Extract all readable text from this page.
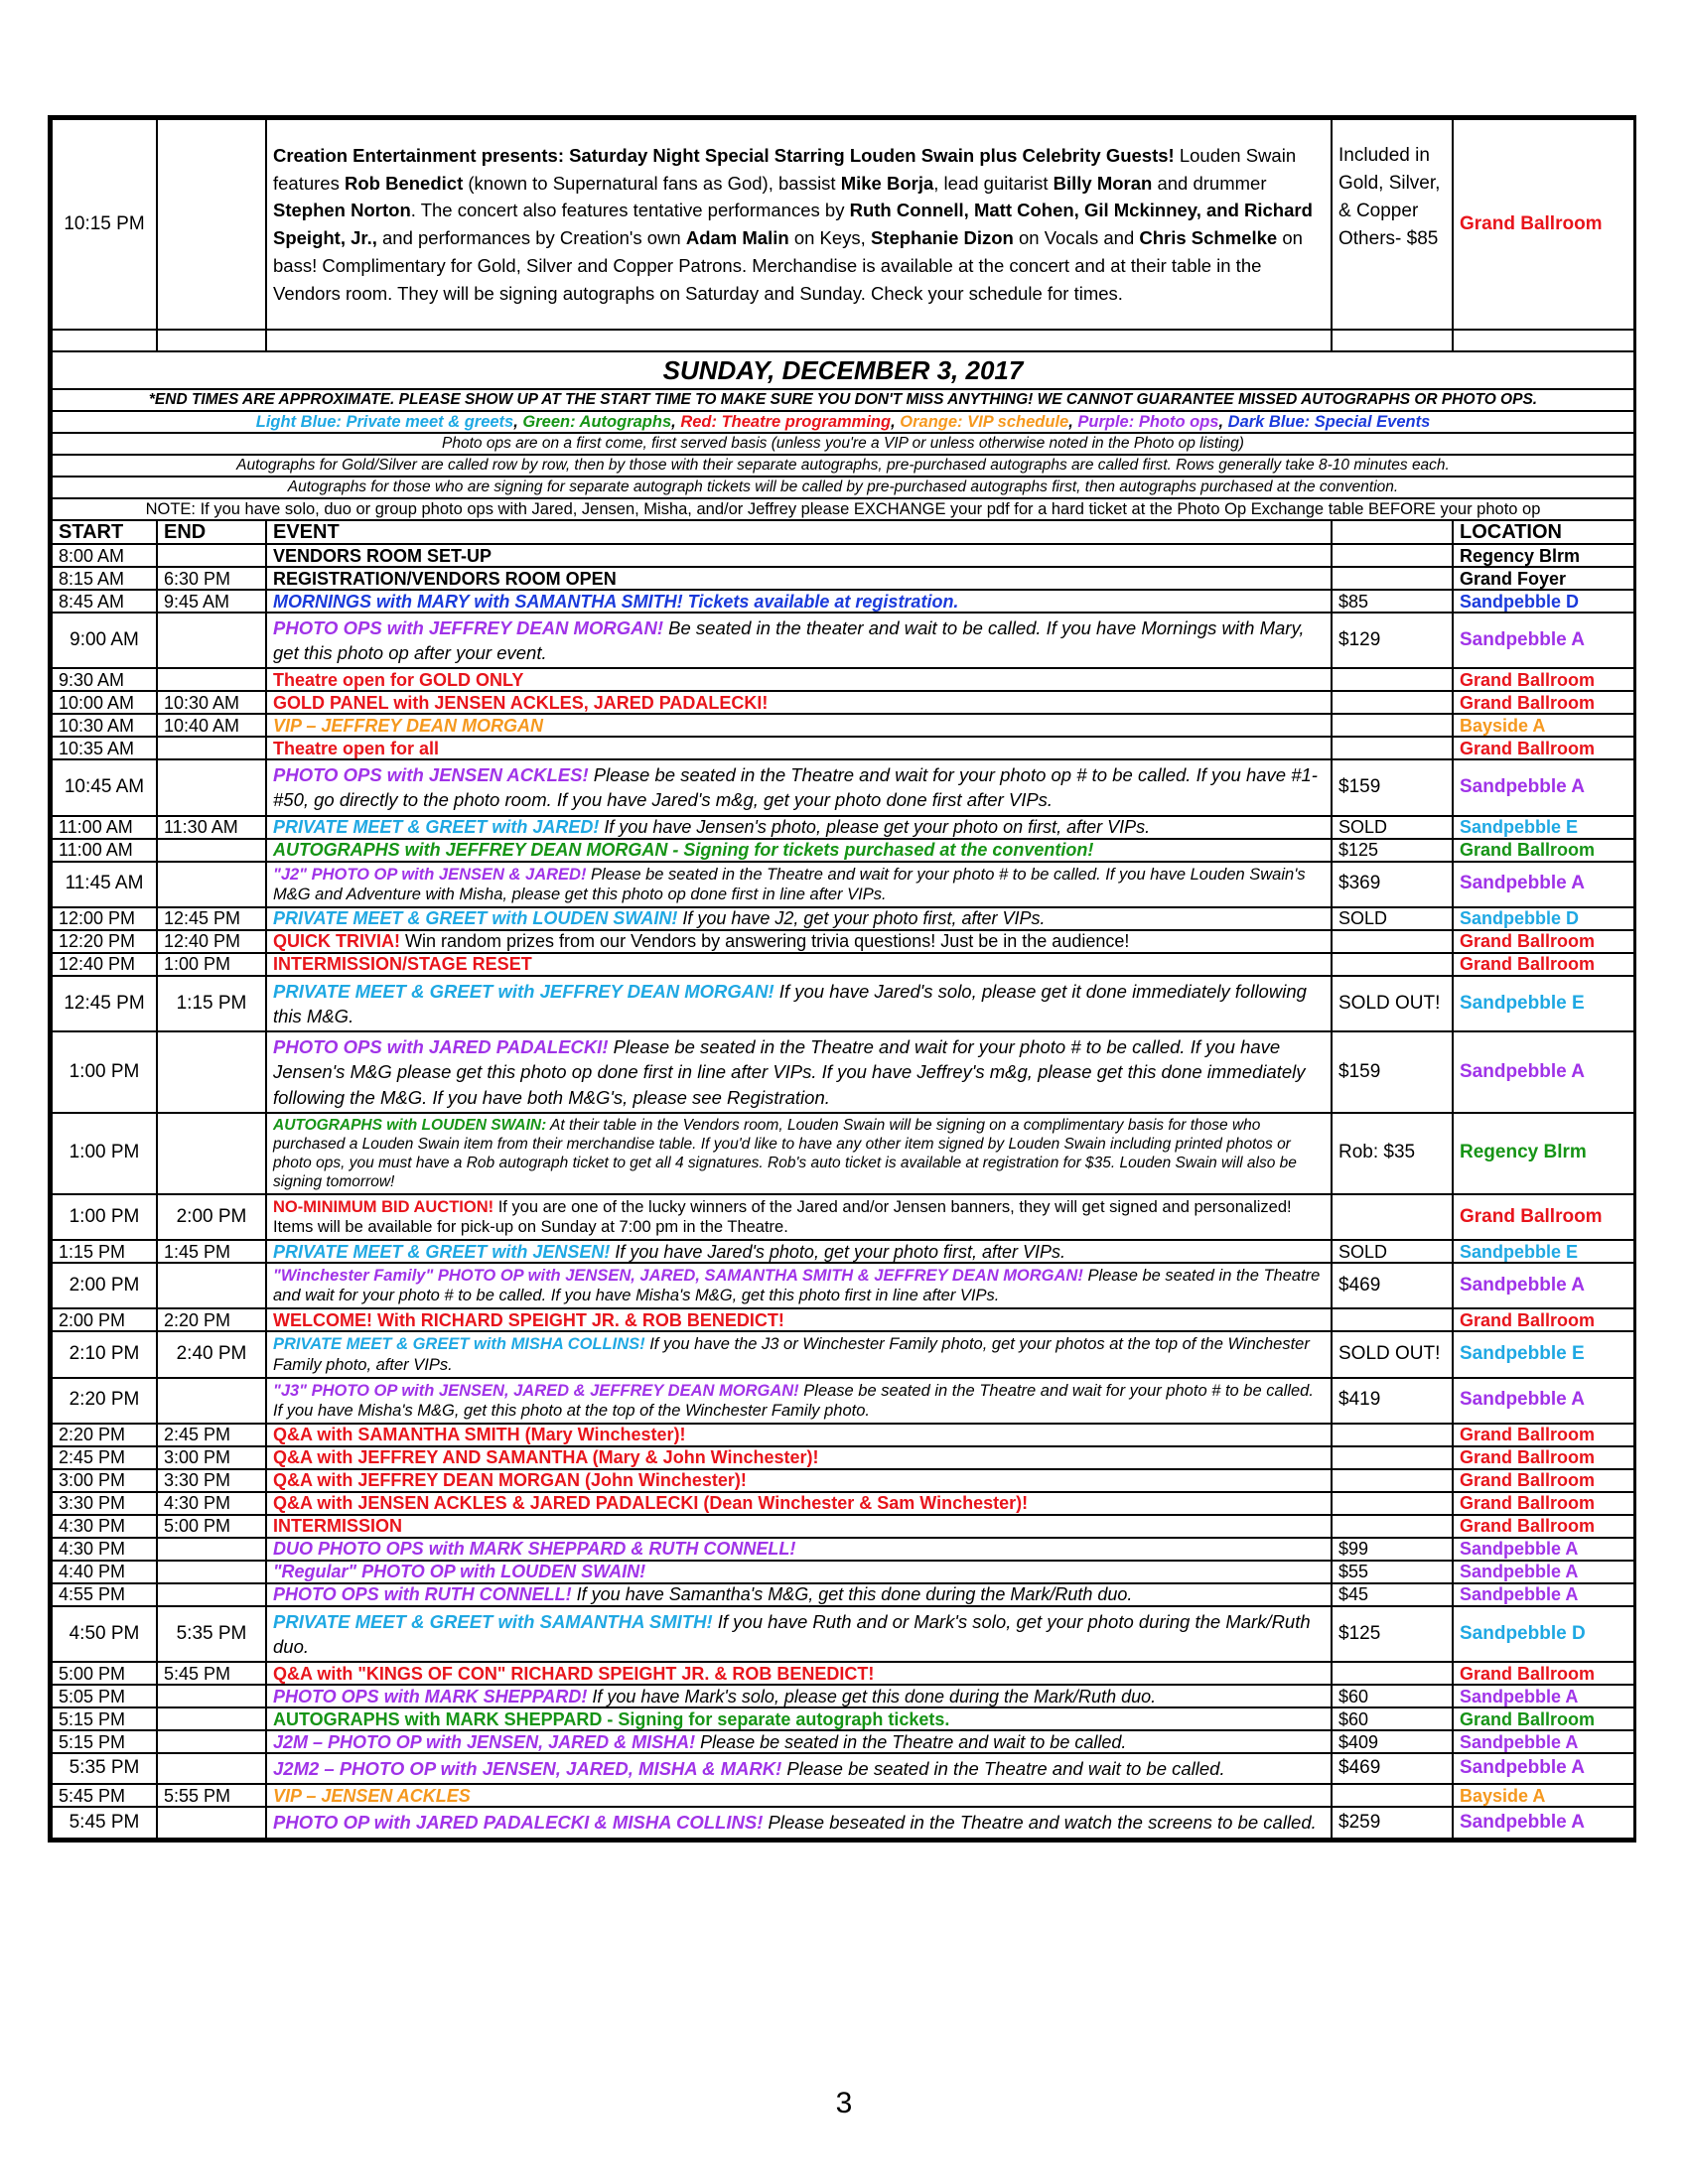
10:15 PM		Creation Entertainment presents: Saturday Night Special Starring Louden Swain plus Celebrity Guests! Louden Swain features Rob Benedict (known to Supernatural fans as God), bassist Mike Borja, lead guitarist Billy Moran and drummer Stephen Norton. The concert also features tentative performances by Ruth Connell, Matt Cohen, Gil Mckinney, and Richard Speight, Jr., and performances by Creation's own Adam Malin on Keys, Stephanie Dizon on Vocals and Chris Schmelke on bass! Complimentary for Gold, Silver and Copper Patrons. Merchandise is available at the concert and at their table in the Vendors room. They will be signing autographs on Saturday and Sunday. Check your schedule for times.	Included in Gold, Silver, & Copper Others- $85	Grand Ballroom

SUNDAY, DECEMBER 3, 2017				
*END TIMES ARE APPROXIMATE. PLEASE SHOW UP AT THE START TIME TO MAKE SURE YOU DON'T MISS ANYTHING! WE CANNOT GUARANTEE MISSED AUTOGRAPHS OR PHOTO OPS.				
Light Blue: Private meet & greets, Green: Autographs, Red: Theatre programming, Orange: VIP schedule, Purple: Photo ops, Dark Blue: Special Events				
Photo ops are on a first come, first served basis (unless you're a VIP or unless otherwise noted in the Photo op listing)				
Autographs for Gold/Silver are called row by row, then by those with their separate autographs, pre-purchased autographs are called first. Rows generally take 8-10 minutes each.				
Autographs for those who are signing for separate autograph tickets will be called by pre-purchased autographs first, then autographs purchased at the convention.				
NOTE: If you have solo, duo or group photo ops with Jared, Jensen, Misha, and/or Jeffrey please EXCHANGE your pdf for a hard ticket at the Photo Op Exchange table BEFORE your photo op				
START	END	EVENT		LOCATION
8:00 AM		VENDORS ROOM SET-UP		Regency Blrm
8:15 AM	6:30 PM	REGISTRATION/VENDORS ROOM OPEN		Grand Foyer
8:45 AM	9:45 AM	MORNINGS with MARY with SAMANTHA SMITH! Tickets available at registration.	$85	Sandpebble D
9:00 AM		PHOTO OPS with JEFFREY DEAN MORGAN! Be seated in the theater and wait to be called. If you have Mornings with Mary, get this photo op after your event.	$129	Sandpebble A
9:30 AM		Theatre open for GOLD ONLY		Grand Ballroom
10:00 AM	10:30 AM	GOLD PANEL with JENSEN ACKLES, JARED PADALECKI!		Grand Ballroom
10:30 AM	10:40 AM	VIP – JEFFREY DEAN MORGAN		Bayside A
10:35 AM		Theatre open for all		Grand Ballroom
10:45 AM		PHOTO OPS with JENSEN ACKLES! Please be seated in the Theatre and wait for your photo op # to be called. If you have #1-#50, go directly to the photo room. If you have Jared's m&g, get your photo done first after VIPs.	$159	Sandpebble A
11:00 AM	11:30 AM	PRIVATE MEET & GREET with JARED! If you have Jensen's photo, please get your photo on first, after VIPs.	SOLD	Sandpebble E
11:00 AM		AUTOGRAPHS with JEFFREY DEAN MORGAN - Signing for tickets purchased at the convention!	$125	Grand Ballroom
11:45 AM		"J2" PHOTO OP with JENSEN & JARED! Please be seated in the Theatre and wait for your photo # to be called. If you have Louden Swain's M&G and Adventure with Misha, please get this photo op done first in line after VIPs.	$369	Sandpebble A
12:00 PM	12:45 PM	PRIVATE MEET & GREET with LOUDEN SWAIN! If you have J2, get your photo first, after VIPs.	SOLD	Sandpebble D
12:20 PM	12:40 PM	QUICK TRIVIA! Win random prizes from our Vendors by answering trivia questions! Just be in the audience!		Grand Ballroom
12:40 PM	1:00 PM	INTERMISSION/STAGE RESET		Grand Ballroom
12:45 PM	1:15 PM	PRIVATE MEET & GREET with JEFFREY DEAN MORGAN! If you have Jared's solo, please get it done immediately following this M&G.	SOLD OUT!	Sandpebble E
1:00 PM		PHOTO OPS with JARED PADALECKI! Please be seated in the Theatre and wait for your photo # to be called. If you have Jensen's M&G please get this photo op done first in line after VIPs. If you have Jeffrey's m&g, please get this done immediately following the M&G. If you have both M&G's, please see Registration.	$159	Sandpebble A
1:00 PM		AUTOGRAPHS with LOUDEN SWAIN: At their table in the Vendors room, Louden Swain will be signing on a complimentary basis for those who purchased a Louden Swain item from their merchandise table. If you'd like to have any other item signed by Louden Swain including printed photos or photo ops, you must have a Rob autograph ticket to get all 4 signatures. Rob's auto ticket is available at registration for $35. Louden Swain will also be signing tomorrow!	Rob: $35	Regency Blrm
1:00 PM	2:00 PM	NO-MINIMUM BID AUCTION! If you are one of the lucky winners of the Jared and/or Jensen banners, they will get signed and personalized! Items will be available for pick-up on Sunday at 7:00 pm in the Theatre.		Grand Ballroom
1:15 PM	1:45 PM	PRIVATE MEET & GREET with JENSEN! If you have Jared's photo, get your photo first, after VIPs.	SOLD	Sandpebble E
2:00 PM		"Winchester Family" PHOTO OP with JENSEN, JARED, SAMANTHA SMITH & JEFFREY DEAN MORGAN! Please be seated in the Theatre and wait for your photo # to be called. If you have Misha's M&G, get this photo first in line after VIPs.	$469	Sandpebble A
2:00 PM	2:20 PM	WELCOME! With RICHARD SPEIGHT JR. & ROB BENEDICT!		Grand Ballroom
2:10 PM	2:40 PM	PRIVATE MEET & GREET with MISHA COLLINS! If you have the J3 or Winchester Family photo, get your photos at the top of the Winchester Family photo, after VIPs.	SOLD OUT!	Sandpebble E
2:20 PM		"J3" PHOTO OP with JENSEN, JARED & JEFFREY DEAN MORGAN! Please be seated in the Theatre and wait for your photo # to be called. If you have Misha's M&G, get this photo at the top of the Winchester Family photo.	$419	Sandpebble A
2:20 PM	2:45 PM	Q&A with SAMANTHA SMITH (Mary Winchester)!		Grand Ballroom
2:45 PM	3:00 PM	Q&A with JEFFREY AND SAMANTHA (Mary & John Winchester)!		Grand Ballroom
3:00 PM	3:30 PM	Q&A with JEFFREY DEAN MORGAN (John Winchester)!		Grand Ballroom
3:30 PM	4:30 PM	Q&A with JENSEN ACKLES & JARED PADALECKI (Dean Winchester & Sam Winchester)!		Grand Ballroom
4:30 PM	5:00 PM	INTERMISSION		Grand Ballroom
4:30 PM		DUO PHOTO OPS with MARK SHEPPARD & RUTH CONNELL!	$99	Sandpebble A
4:40 PM		"Regular" PHOTO OP with LOUDEN SWAIN!	$55	Sandpebble A
4:55 PM		PHOTO OPS with RUTH CONNELL! If you have Samantha's M&G, get this done during the Mark/Ruth duo.	$45	Sandpebble A
4:50 PM	5:35 PM	PRIVATE MEET & GREET with SAMANTHA SMITH! If you have Ruth and or Mark's solo, get your photo during the Mark/Ruth duo.	$125	Sandpebble D
5:00 PM	5:45 PM	Q&A with "KINGS OF CON" RICHARD SPEIGHT JR. & ROB BENEDICT!		Grand Ballroom
5:05 PM		PHOTO OPS with MARK SHEPPARD! If you have Mark's solo, please get this done during the Mark/Ruth duo.	$60	Sandpebble A
5:15 PM		AUTOGRAPHS with MARK SHEPPARD - Signing for separate autograph tickets.	$60	Grand Ballroom
5:15 PM		J2M – PHOTO OP with JENSEN, JARED & MISHA! Please be seated in the Theatre and wait to be called.	$409	Sandpebble A
5:35 PM		J2M2 – PHOTO OP with JENSEN, JARED, MISHA & MARK! Please be seated in the Theatre and wait to be called.	$469	Sandpebble A
5:45 PM	5:55 PM	VIP – JENSEN ACKLES		Bayside A
5:45 PM		PHOTO OP with JARED PADALECKI & MISHA COLLINS! Please beseated in the Theatre and watch the screens to be called.	$259	Sandpebble A
3
